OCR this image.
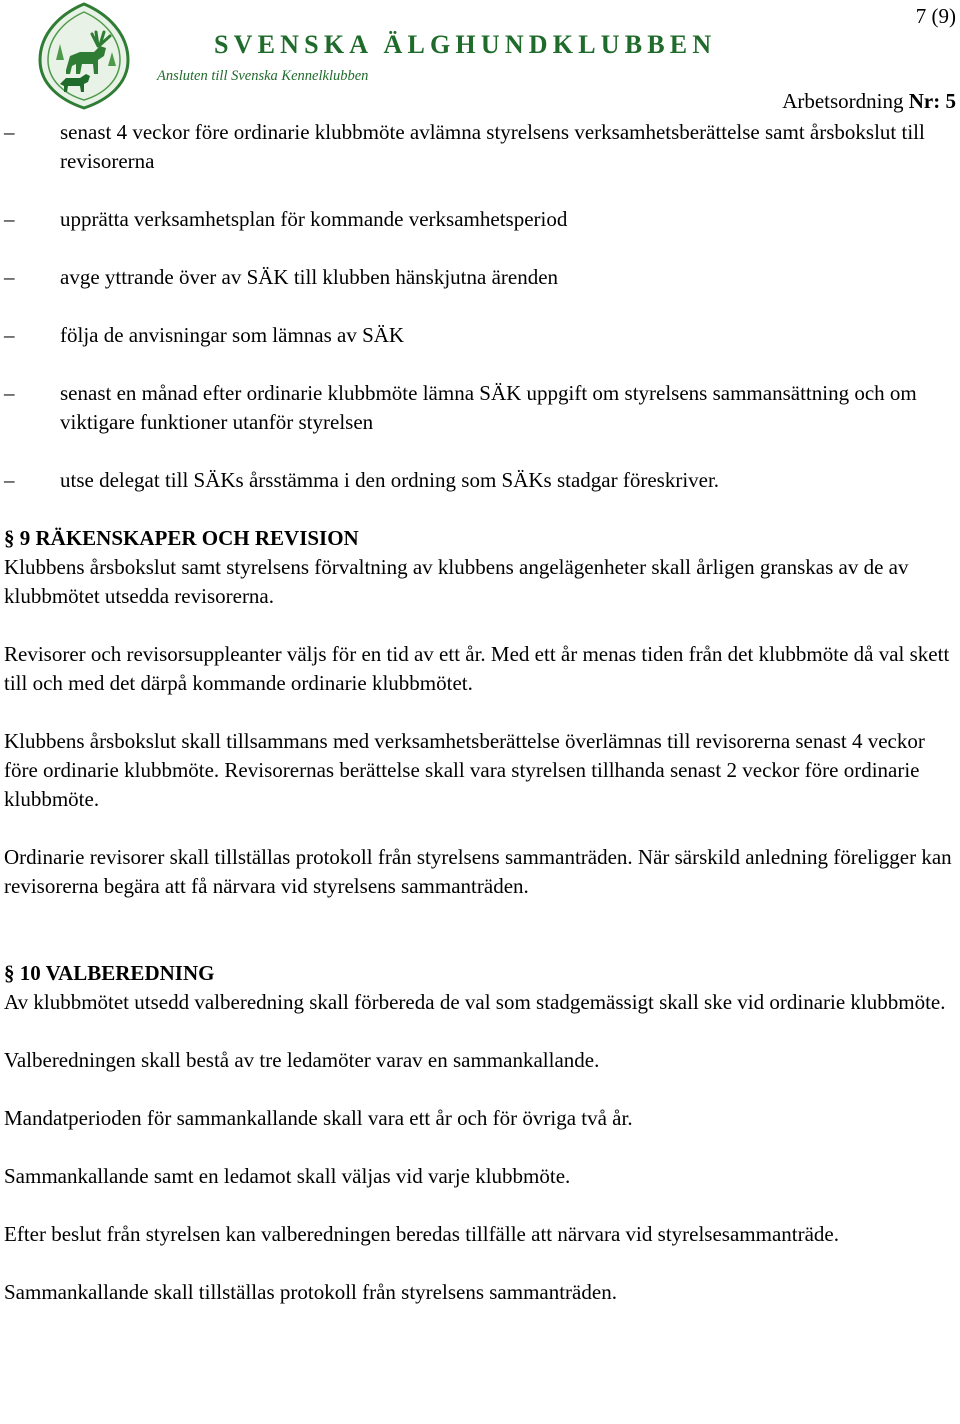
SVENSKA ÄLGHUNDKLUBBEN
Ansluten till Svenska Kennelklubben
7 (9)
Arbetsordning Nr: 5
–	senast 4 veckor före ordinarie klubbmöte avlämna styrelsens verksamhetsberättelse samt årsbokslut till revisorerna
–	upprätta verksamhetsplan för kommande verksamhetsperiod
–	avge yttrande över av SÄK till klubben hänskjutna ärenden
–	följa de anvisningar som lämnas av SÄK
–	senast en månad efter ordinarie klubbmöte lämna SÄK uppgift om styrelsens sammansättning och om viktigare funktioner utanför styrelsen
–	utse delegat till SÄKs årsstämma i den ordning som SÄKs stadgar föreskriver.
§ 9 RÄKENSKAPER OCH REVISION
Klubbens årsbokslut samt styrelsens förvaltning av klubbens angelägenheter skall årligen granskas av de av klubbmötet utsedda revisorerna.
Revisorer och revisorsuppleanter väljs för en tid av ett år. Med ett år menas tiden från det klubbmöte då val skett till och med det därpå kommande ordinarie klubbmötet.
Klubbens årsbokslut skall tillsammans med verksamhetsberättelse överlämnas till revisorerna senast 4 veckor före ordinarie klubbmöte. Revisorernas berättelse skall vara styrelsen tillhanda senast 2 veckor före ordinarie klubbmöte.
Ordinarie revisorer skall tillställas protokoll från styrelsens sammanträden. När särskild anledning föreligger kan revisorerna begära att få närvara vid styrelsens sammanträden.
§ 10 VALBEREDNING
Av klubbmötet utsedd valberedning skall förbereda de val som stadgemässigt skall ske vid ordinarie klubbmöte.
Valberedningen skall bestå av tre ledamöter varav en sammankallande.
Mandatperioden för sammankallande skall vara ett år och för övriga två år.
Sammankallande samt en ledamot skall väljas vid varje klubbmöte.
Efter beslut från styrelsen kan valberedningen beredas tillfälle att närvara vid styrelsesammanträde.
Sammankallande skall tillställas protokoll från styrelsens sammanträden.
